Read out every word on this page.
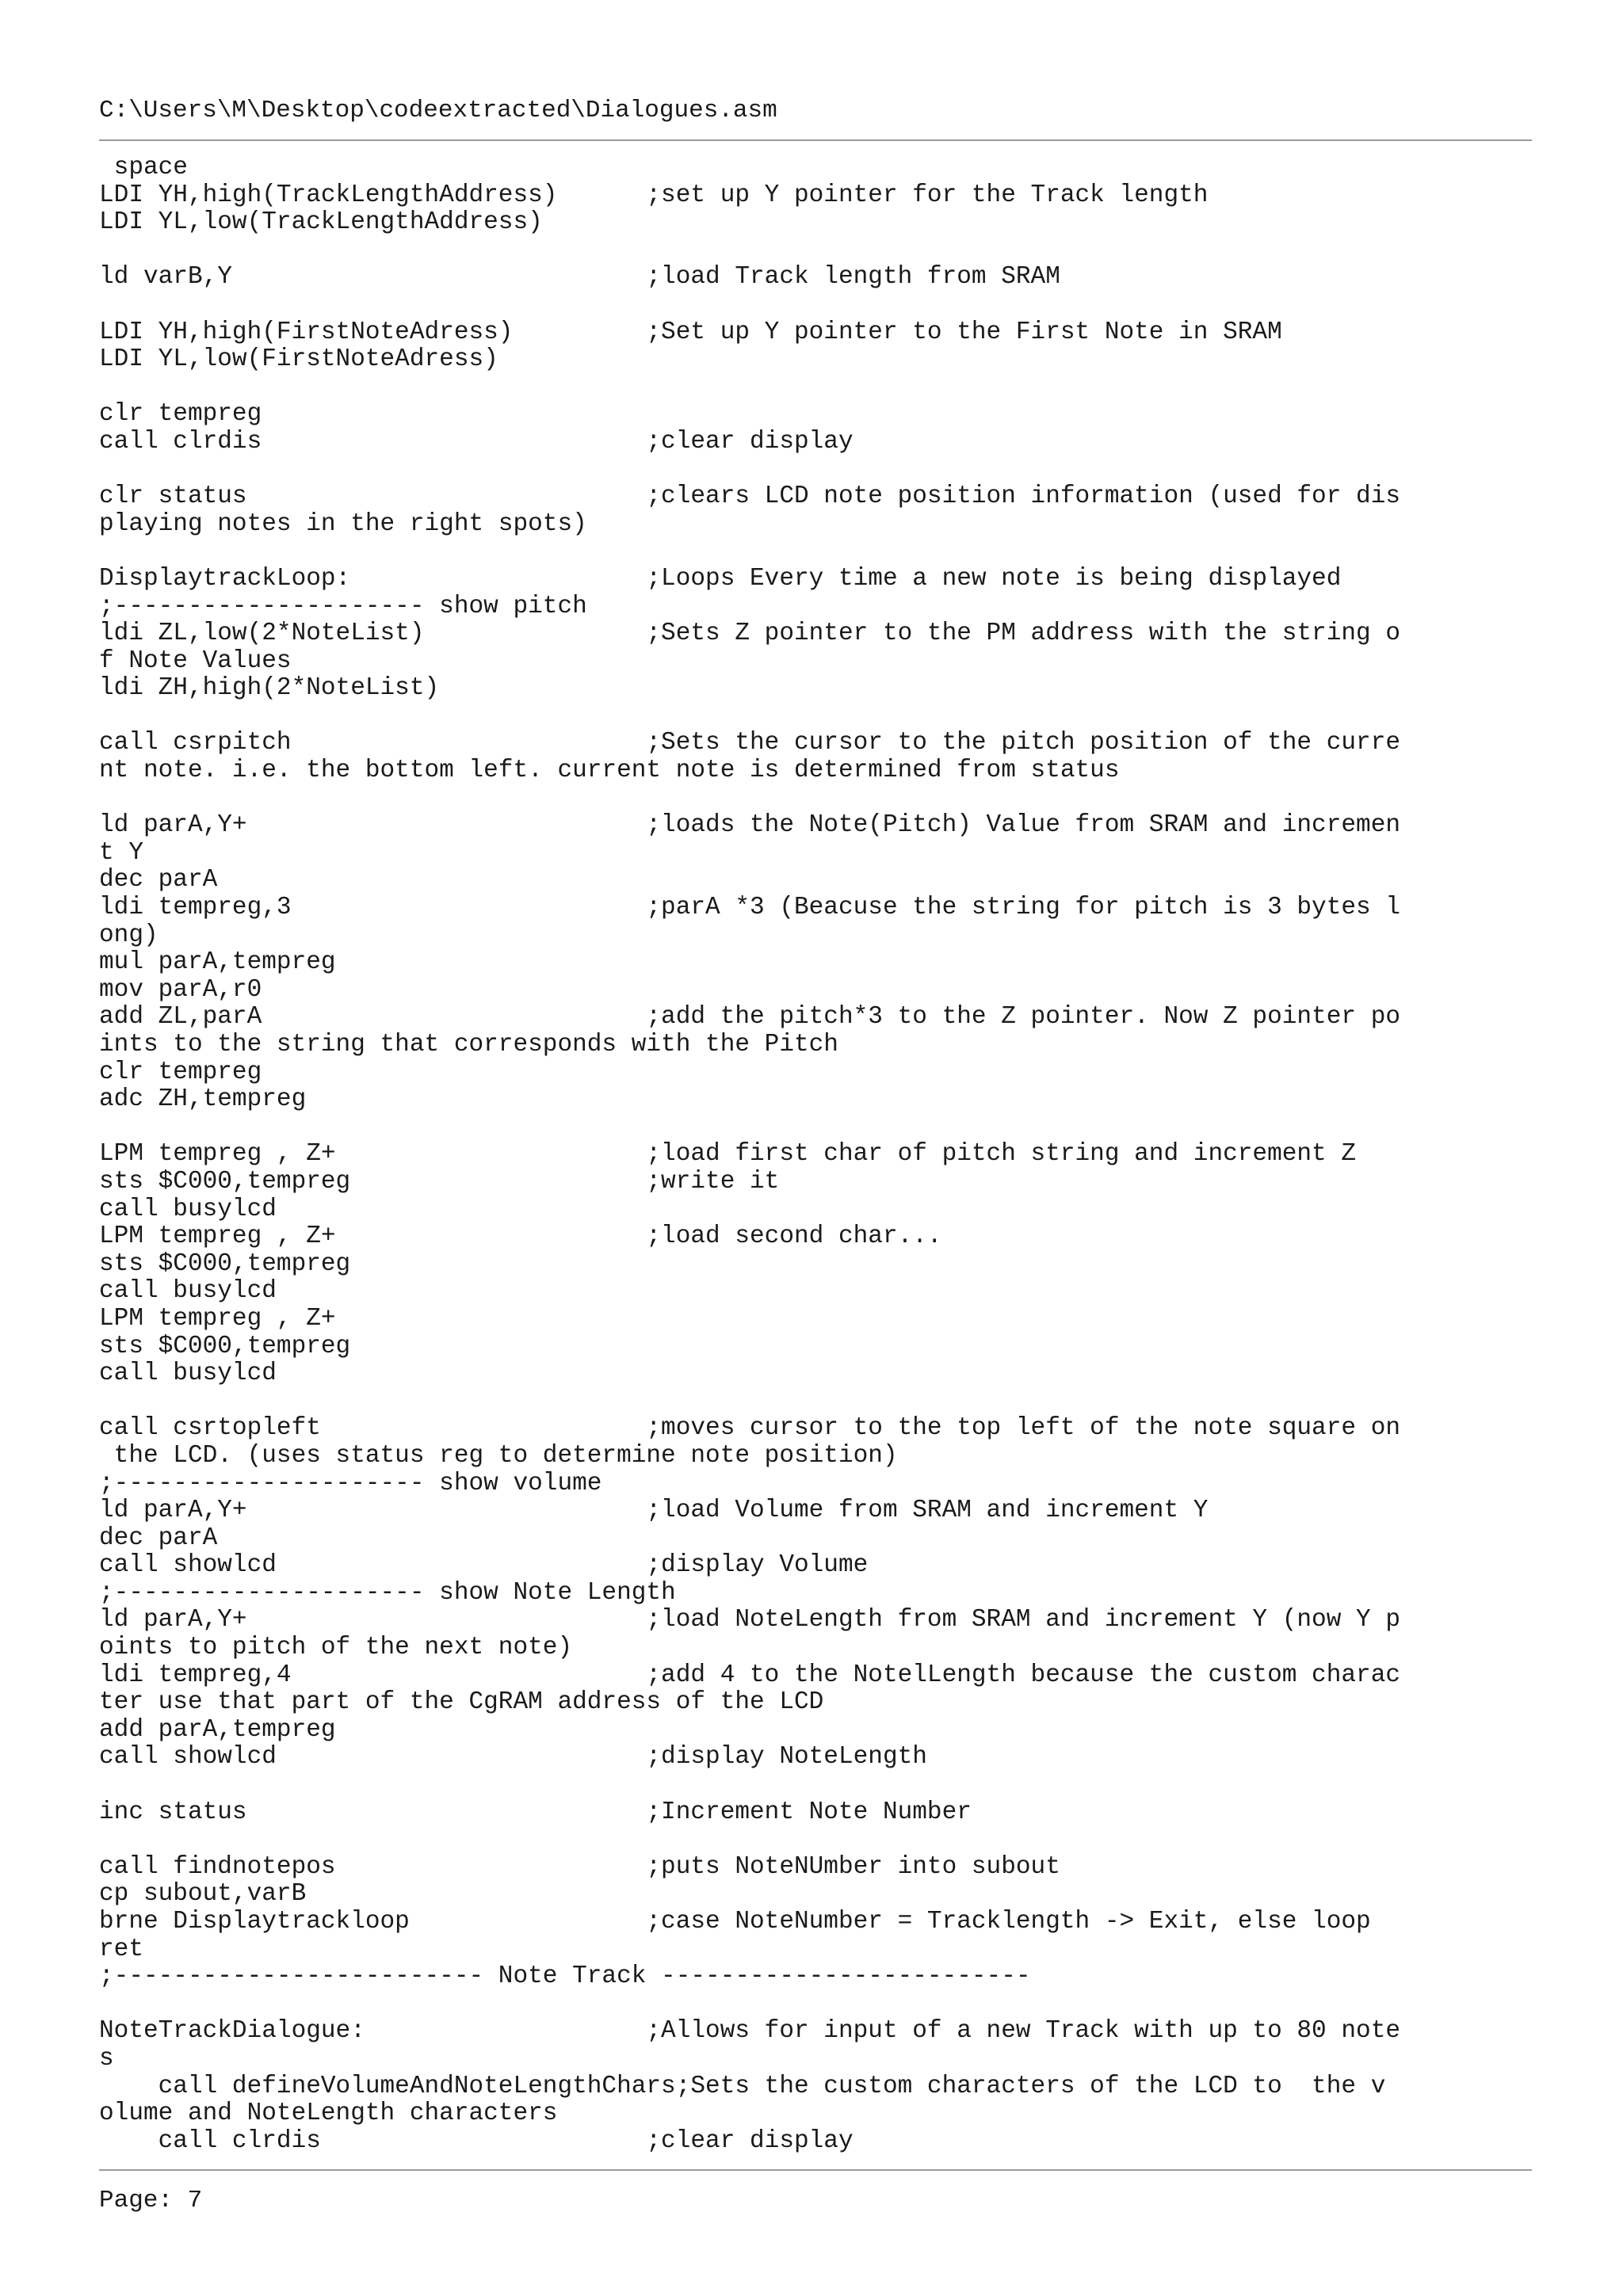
C:\Users\M\Desktop\codeextracted\Dialogues.asm
space
LDI YH,high(TrackLengthAddress)      ;set up Y pointer for the Track length
LDI YL,low(TrackLengthAddress)
ld varB,Y                            ;load Track length from SRAM
LDI YH,high(FirstNoteAdress)         ;Set up Y pointer to the First Note in SRAM
LDI YL,low(FirstNoteAdress)
clr tempreg
call clrdis                          ;clear display
clr status                           ;clears LCD note position information (used for dis
playing notes in the right spots)
DisplaytrackLoop:                    ;Loops Every time a new note is being displayed
;--------------------- show pitch
ldi ZL,low(2*NoteList)               ;Sets Z pointer to the PM address with the string o
f Note Values
ldi ZH,high(2*NoteList)
call csrpitch                        ;Sets the cursor to the pitch position of the curre
nt note. i.e. the bottom left. current note is determined from status
ld parA,Y+                           ;loads the Note(Pitch) Value from SRAM and incremen
t Y
dec parA
ldi tempreg,3                        ;parA *3 (Beacuse the string for pitch is 3 bytes l
ong)
mul parA,tempreg
mov parA,r0
add ZL,parA                          ;add the pitch*3 to the Z pointer. Now Z pointer po
ints to the string that corresponds with the Pitch
clr tempreg
adc ZH,tempreg
LPM tempreg , Z+                     ;load first char of pitch string and increment Z
sts $C000,tempreg                    ;write it
call busylcd
LPM tempreg , Z+                     ;load second char...
sts $C000,tempreg
call busylcd
LPM tempreg , Z+
sts $C000,tempreg
call busylcd
call csrtopleft                      ;moves cursor to the top left of the note square on
the LCD. (uses status reg to determine note position)
;--------------------- show volume
ld parA,Y+                           ;load Volume from SRAM and increment Y
dec parA
call showlcd                         ;display Volume
;--------------------- show Note Length
ld parA,Y+                           ;load NoteLength from SRAM and increment Y (now Y p
oints to pitch of the next note)
ldi tempreg,4                        ;add 4 to the NotelLength because the custom charac
ter use that part of the CgRAM address of the LCD
add parA,tempreg
call showlcd                         ;display NoteLength
inc status                           ;Increment Note Number
call findnotepos                     ;puts NoteNUmber into subout
cp subout,varB
brne Displaytrackloop                ;case NoteNumber = Tracklength -> Exit, else loop
ret
;------------------------- Note Track -------------------------
NoteTrackDialogue:                   ;Allows for input of a new Track with up to 80 note
s
call defineVolumeAndNoteLengthChars;Sets the custom characters of the LCD to  the v
olume and NoteLength characters
call clrdis                      ;clear display
Page: 7
